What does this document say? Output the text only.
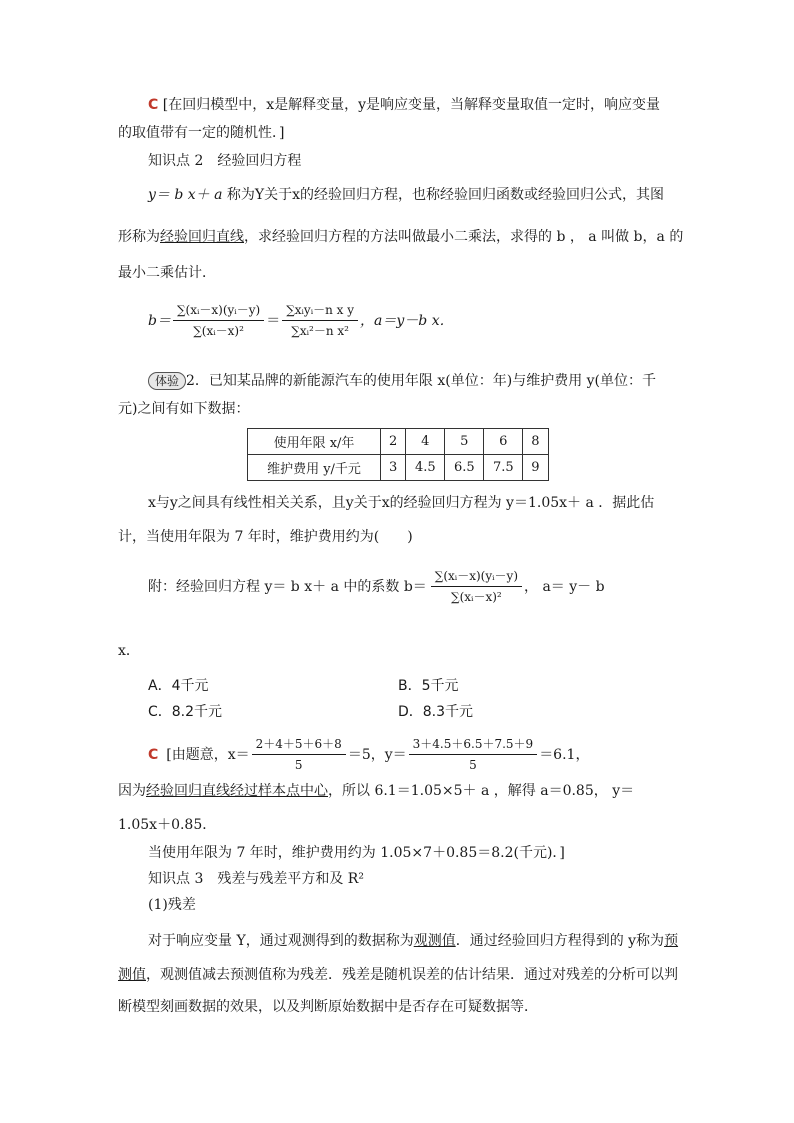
C [在回归模型中，x是解释变量，y是响应变量，当解释变量取值一定时，响应变量
的取值带有一定的随机性．]
知识点 2　经验回归方程
y＝ b x＋ a 称为Y关于x的经验回归方程，也称经验回归函数或经验回归公式，其图
形称为经验回归直线，求经验回归方程的方法叫做最小二乘法，求得的 b ， a 叫做 b，a 的
最小二乘估计．
$b= \frac{\text{∑(xᵢ－x)(yᵢ－y)}}{\text{∑(xᵢ－x)²}} = \frac{\text{∑xᵢyᵢ－n x y}}{\text{∑xᵢ²－n x²}}$ ，a＝y－b x．
体验 2．已知某品牌的新能源汽车的使用年限 x(单位：年)与维护费用 y(单位：千
元)之间有如下数据：
使用年限 x/年	2	4	5	6	8
维护费用 y/千元	3	4.5	6.5	7.5	9
x与y之间具有线性相关关系，且y关于x的经验回归方程为 y＝1.05x＋ a ．据此估
计，当使用年限为 7 年时，维护费用约为(　　)
附：经验回归方程 y＝ b x＋ a 中的系数 $b= \frac{\text{∑(xᵢ－x)(yᵢ－y)}}{\text{∑(xᵢ－x)²}}$ ， a＝ y－ b
x．
A．4千元	B．5千元
C．8.2千元	D．8.3千元
C [由题意，$x= \frac{2+4+5+6+8}{5} =5$，$y= \frac{3+4.5+6.5+7.5+9}{5} =6.1$，
因为经验回归直线经过样本点中心，所以 6.1＝1.05×5＋ a ，解得 a＝0.85， y＝
1.05x＋0.85．
当使用年限为 7 年时，维护费用约为 1.05×7＋0.85＝8.2(千元)．]
知识点 3　残差与残差平方和及 R²
(1)残差
对于响应变量 Y，通过观测得到的数据称为观测值．通过经验回归方程得到的 y称为预
测值，观测值减去预测值称为残差．残差是随机误差的估计结果．通过对残差的分析可以判
断模型刻画数据的效果，以及判断原始数据中是否存在可疑数据等．
